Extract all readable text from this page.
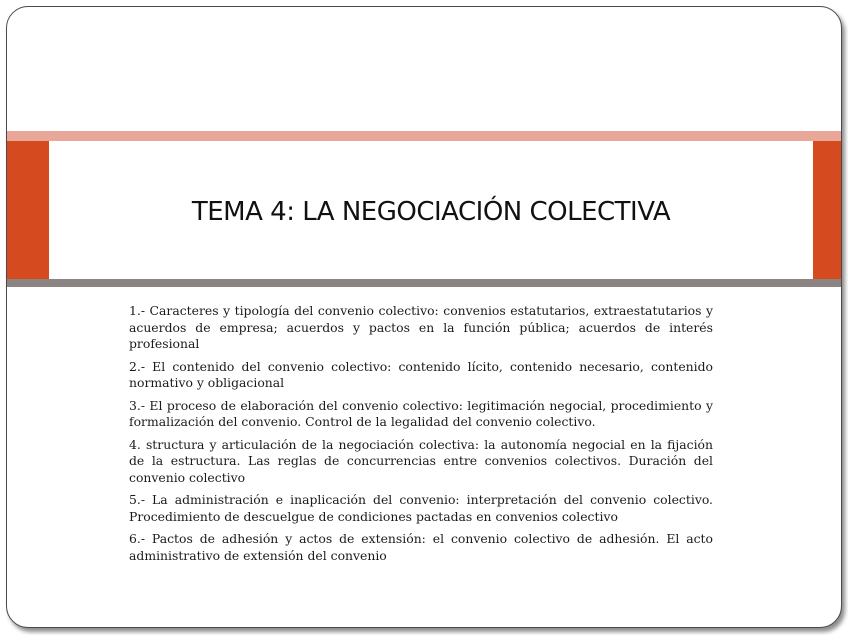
TEMA 4: LA NEGOCIACIÓN COLECTIVA

1.- Caracteres y tipología del convenio colectivo: convenios estatutarios, extraestatutarios y acuerdos de empresa; acuerdos y pactos en la función pública; acuerdos de interés profesional

2.- El contenido del convenio colectivo: contenido lícito, contenido necesario, contenido normativo y obligacional

3.- El proceso de elaboración del convenio colectivo: legitimación negocial, procedimiento y formalización del convenio. Control de la legalidad del convenio colectivo.

4. structura y articulación de la negociación colectiva: la autonomía negocial en la fijación de la estructura. Las reglas de concurrencias entre convenios colectivos. Duración del convenio colectivo

5.- La administración e inaplicación del convenio: interpretación del convenio colectivo. Procedimiento de descuelgue de condiciones pactadas en convenios colectivo

6.- Pactos de adhesión y actos de extensión: el convenio colectivo de adhesión. El acto administrativo de extensión del convenio
